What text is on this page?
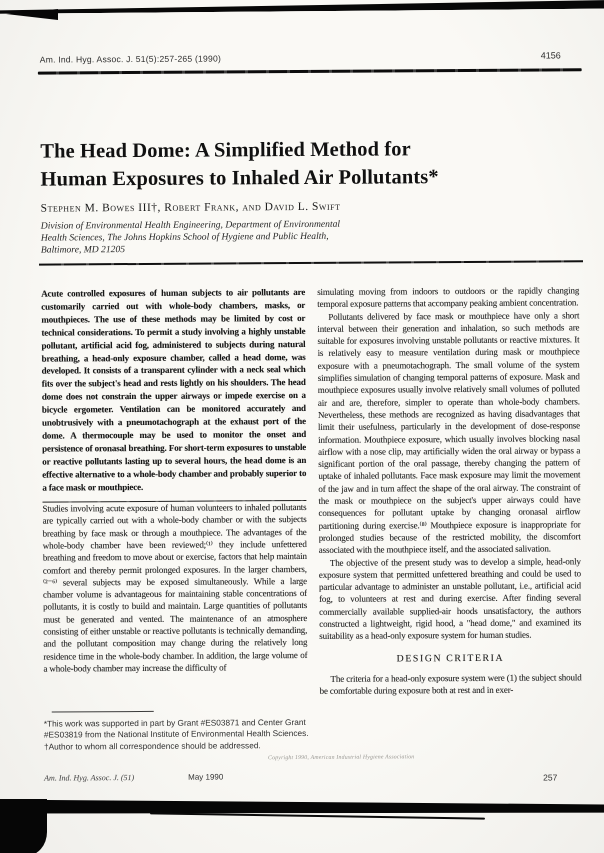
Am. Ind. Hyg. Assoc. J. 51(5):257-265 (1990)	4156
The Head Dome: A Simplified Method for
Human Exposures to Inhaled Air Pollutants*
Stephen M. Bowes III†, Robert Frank, and David L. Swift
Division of Environmental Health Engineering, Department of Environmental
Health Sciences, The Johns Hopkins School of Hygiene and Public Health,
Baltimore, MD 21205

Acute controlled exposures of human subjects to air pollutants are customarily carried out with whole-body chambers, masks, or mouthpieces. The use of these methods may be limited by cost or technical considerations. To permit a study involving a highly unstable pollutant, artificial acid fog, administered to subjects during natural breathing, a head-only exposure chamber, called a head dome, was developed. It consists of a transparent cylinder with a neck seal which fits over the subject's head and rests lightly on his shoulders. The head dome does not constrain the upper airways or impede exercise on a bicycle ergometer. Ventilation can be monitored accurately and unobtrusively with a pneumotachograph at the exhaust port of the dome. A thermocouple may be used to monitor the onset and persistence of oronasal breathing. For short-term exposures to unstable or reactive pollutants lasting up to several hours, the head dome is an effective alternative to a whole-body chamber and probably superior to a face mask or mouthpiece.

Studies involving acute exposure of human volunteers to inhaled pollutants are typically carried out with a whole-body chamber or with the subjects breathing by face mask or through a mouthpiece. The advantages of the whole-body chamber have been reviewed;⁽¹⁾ they include unfettered breathing and freedom to move about or exercise, factors that help maintain comfort and thereby permit prolonged exposures. In the larger chambers,⁽²⁻⁶⁾ several subjects may be exposed simultaneously. While a large chamber volume is advantageous for maintaining stable concentrations of pollutants, it is costly to build and maintain. Large quantities of pollutants must be generated and vented. The maintenance of an atmosphere consisting of either unstable or reactive pollutants is technically demanding, and the pollutant composition may change during the relatively long residence time in the whole-body chamber. In addition, the large volume of a whole-body chamber may increase the difficulty of

simulating moving from indoors to outdoors or the rapidly changing temporal exposure patterns that accompany peaking ambient concentration.

Pollutants delivered by face mask or mouthpiece have only a short interval between their generation and inhalation, so such methods are suitable for exposures involving unstable pollutants or reactive mixtures. It is relatively easy to measure ventilation during mask or mouthpiece exposure with a pneumotachograph. The small volume of the system simplifies simulation of changing temporal patterns of exposure. Mask and mouthpiece exposures usually involve relatively small volumes of polluted air and are, therefore, simpler to operate than whole-body chambers. Nevertheless, these methods are recognized as having disadvantages that limit their usefulness, particularly in the development of dose-response information. Mouthpiece exposure, which usually involves blocking nasal airflow with a nose clip, may artificially widen the oral airway or bypass a significant portion of the oral passage, thereby changing the pattern of uptake of inhaled pollutants. Face mask exposure may limit the movement of the jaw and in turn affect the shape of the oral airway. The constraint of the mask or mouthpiece on the subject's upper airways could have consequences for pollutant uptake by changing oronasal airflow partitioning during exercise.⁽⁸⁾ Mouthpiece exposure is inappropriate for prolonged studies because of the restricted mobility, the discomfort associated with the mouthpiece itself, and the associated salivation.

The objective of the present study was to develop a simple, head-only exposure system that permitted unfettered breathing and could be used to particular advantage to administer an unstable pollutant, i.e., artificial acid fog, to volunteers at rest and during exercise. After finding several commercially available supplied-air hoods unsatisfactory, the authors constructed a lightweight, rigid hood, a "head dome," and examined its suitability as a head-only exposure system for human studies.

DESIGN CRITERIA

The criteria for a head-only exposure system were (1) the subject should be comfortable during exposure both at rest and in exer-

*This work was supported in part by Grant #ES03871 and Center Grant #ES03819 from the National Institute of Environmental Health Sciences.

†Author to whom all correspondence should be addressed.

Copyright 1990, American Industrial Hygiene Association
Am. Ind. Hyg. Assoc. J. (51)	May 1990	257
